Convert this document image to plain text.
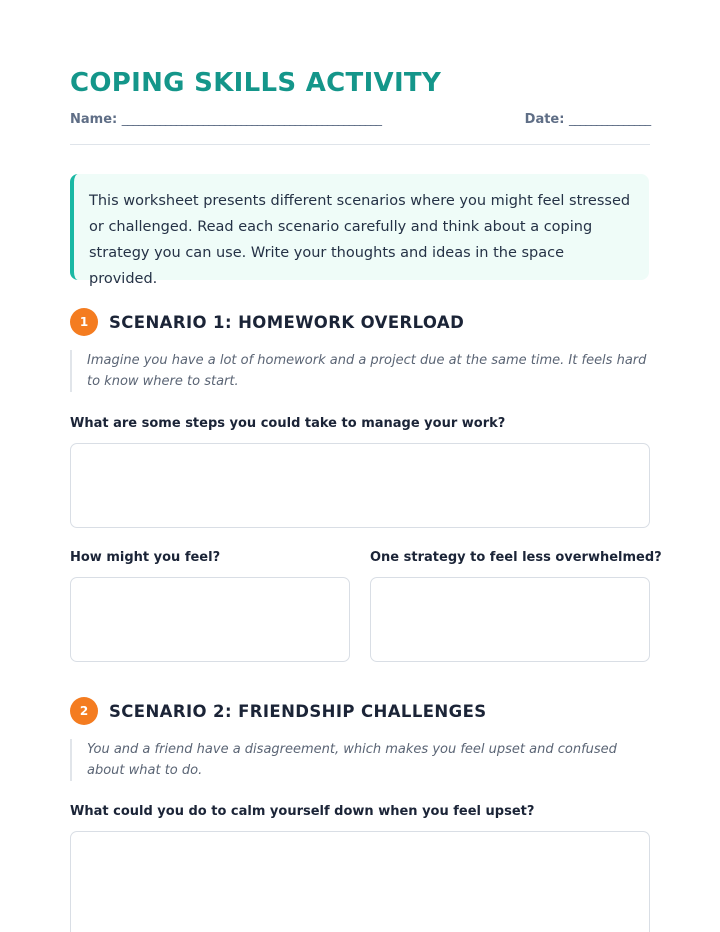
COPING SKILLS ACTIVITY
Name: ________________________________________________	Date: _______________
This worksheet presents different scenarios where you might feel stressed or challenged. Read each scenario carefully and think about a coping strategy you can use. Write your thoughts and ideas in the space provided.
1	SCENARIO 1: HOMEWORK OVERLOAD
Imagine you have a lot of homework and a project due at the same time. It feels hard to know where to start.
What are some steps you could take to manage your work?
How might you feel?	One strategy to feel less overwhelmed?
2	SCENARIO 2: FRIENDSHIP CHALLENGES
You and a friend have a disagreement, which makes you feel upset and confused about what to do.
What could you do to calm yourself down when you feel upset?
